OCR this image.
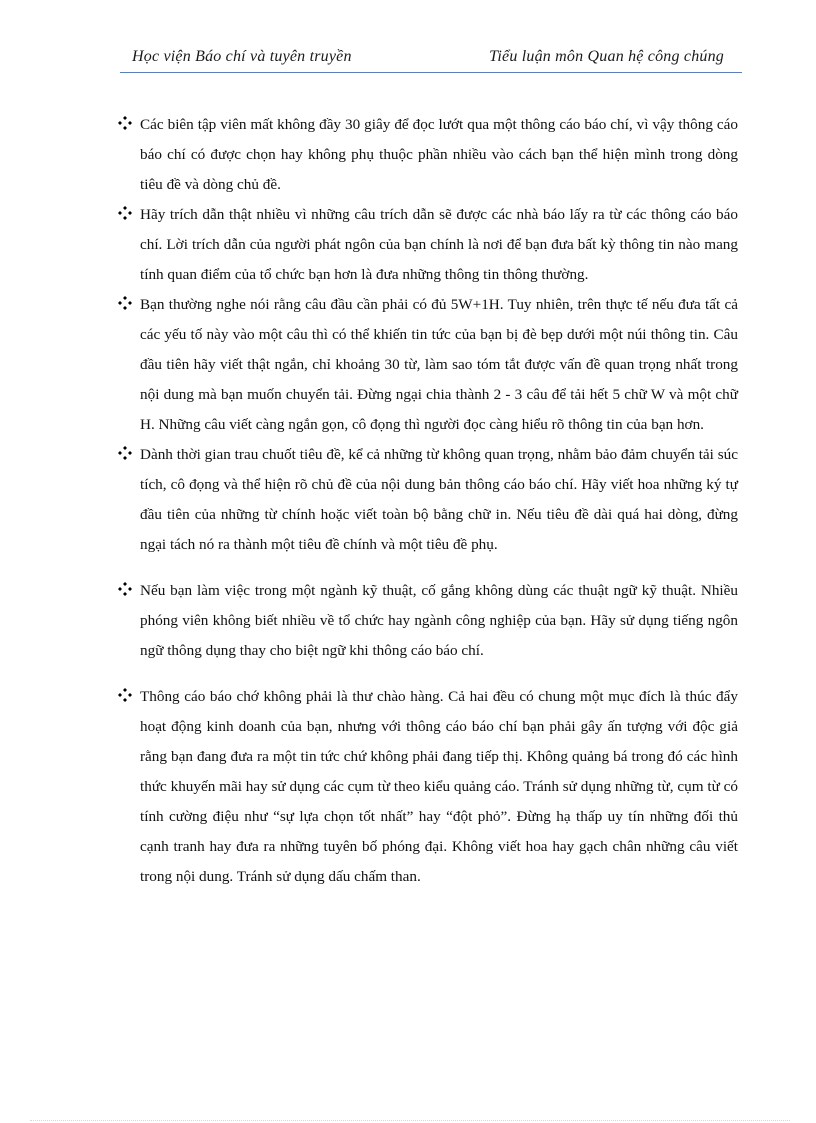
Học viện Báo chí và tuyên truyền	Tiểu luận môn Quan hệ công chúng
Các biên tập viên mất không đầy 30 giây để đọc lướt qua một thông cáo báo chí, vì vậy thông cáo báo chí có được chọn hay không phụ thuộc phần nhiều vào cách bạn thể hiện mình trong dòng tiêu đề và dòng chủ đề.
Hãy trích dẫn thật nhiều vì những câu trích dẫn sẽ được các nhà báo lấy ra từ các thông cáo báo chí. Lời trích dẫn của người phát ngôn của bạn chính là nơi để bạn đưa bất kỳ thông tin nào mang tính quan điểm của tổ chức bạn hơn là đưa những thông tin thông thường.
Bạn thường nghe nói rằng câu đầu cần phải có đủ 5W+1H. Tuy nhiên, trên thực tế nếu đưa tất cả các yếu tố này vào một câu thì có thể khiến tin tức của bạn bị đè bẹp dưới một núi thông tin. Câu đầu tiên hãy viết thật ngắn, chỉ khoảng 30 từ, làm sao tóm tắt được vấn đề quan trọng nhất trong nội dung mà bạn muốn chuyển tải. Đừng ngại chia thành 2 - 3 câu để tải hết 5 chữ W và một chữ H. Những câu viết càng ngắn gọn, cô đọng thì người đọc càng hiểu rõ thông tin của bạn hơn.
Dành thời gian trau chuốt tiêu đề, kể cả những từ không quan trọng, nhằm bảo đảm chuyển tải súc tích, cô đọng và thể hiện rõ chủ đề của nội dung bản thông cáo báo chí. Hãy viết hoa những ký tự đầu tiên của những từ chính hoặc viết toàn bộ bằng chữ in. Nếu tiêu đề dài quá hai dòng, đừng ngại tách nó ra thành một tiêu đề chính và một tiêu đề phụ.
Nếu bạn làm việc trong một ngành kỹ thuật, cố gắng không dùng các thuật ngữ kỹ thuật. Nhiều phóng viên không biết nhiều về tổ chức hay ngành công nghiệp của bạn. Hãy sử dụng tiếng ngôn ngữ thông dụng thay cho biệt ngữ khi thông cáo báo chí.
Thông cáo báo chớ không phải là thư chào hàng. Cả hai đều có chung một mục đích là thúc đẩy hoạt động kinh doanh của bạn, nhưng với thông cáo báo chí bạn phải gây ấn tượng với độc giả rằng bạn đang đưa ra một tin tức chứ không phải đang tiếp thị. Không quảng bá trong đó các hình thức khuyến mãi hay sử dụng các cụm từ theo kiểu quảng cáo. Tránh sử dụng những từ, cụm từ có tính cường điệu như “sự lựa chọn tốt nhất” hay “đột phỏ”. Đừng hạ thấp uy tín những đối thủ cạnh tranh hay đưa ra những tuyên bố phóng đại. Không viết hoa hay gạch chân những câu viết trong nội dung. Tránh sử dụng dấu chấm than.
